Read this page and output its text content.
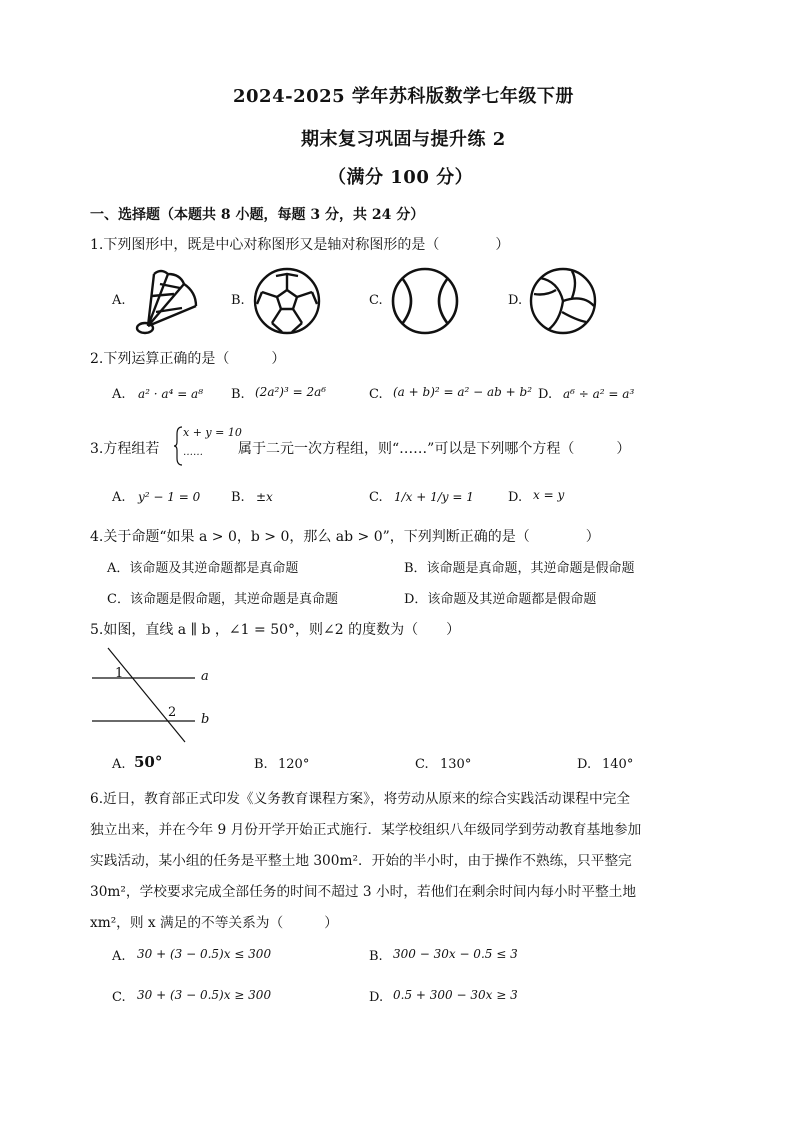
2024-2025 学年苏科版数学七年级下册
期末复习巩固与提升练 2
（满分 100 分）
一、选择题（本题共 8 小题，每题 3 分，共 24 分）
1.下列图形中，既是中心对称图形又是轴对称图形的是（　　　　）
A.	B.	C.	D.
2.下列运算正确的是（　　　）
A. a² · a⁴ = a⁸ B. (2a²)³ = 2a⁶	C. (a + b)² = a² − ab + b² D. a⁶ ÷ a² = a³
3.方程组若
x + y = 10
……	属于二元一次方程组，则“……”可以是下列哪个方程（　　　）
A. y² − 1 = 0 B. ±x	C. 1/x + 1/y = 1	D. x = y
4.关于命题“如果 a > 0，b > 0，那么 ab > 0”，下列判断正确的是（　　　　）
A．该命题及其逆命题都是真命题	B．该命题是真命题，其逆命题是假命题
C．该命题是假命题，其逆命题是真命题	D．该命题及其逆命题都是假命题
5.如图，直线 a ∥ b ，∠1 = 50°，则∠2 的度数为（　　）
1
2
a
b
A. 50°	B. 120°	C. 130°	D. 140°
6.近日，教育部正式印发《义务教育课程方案》，将劳动从原来的综合实践活动课程中完全
独立出来，并在今年 9 月份开学开始正式施行．某学校组织八年级同学到劳动教育基地参加
实践活动，某小组的任务是平整土地 300m²．开始的半小时，由于操作不熟练，只平整完
30m²，学校要求完成全部任务的时间不超过 3 小时，若他们在剩余时间内每小时平整土地
xm²，则 x 满足的不等关系为（　　　）
A. 30 + (3 − 0.5)x ≤ 300	B. 300 − 30x − 0.5 ≤ 3
C. 30 + (3 − 0.5)x ≥ 300	D. 0.5 + 300 − 30x ≥ 3
